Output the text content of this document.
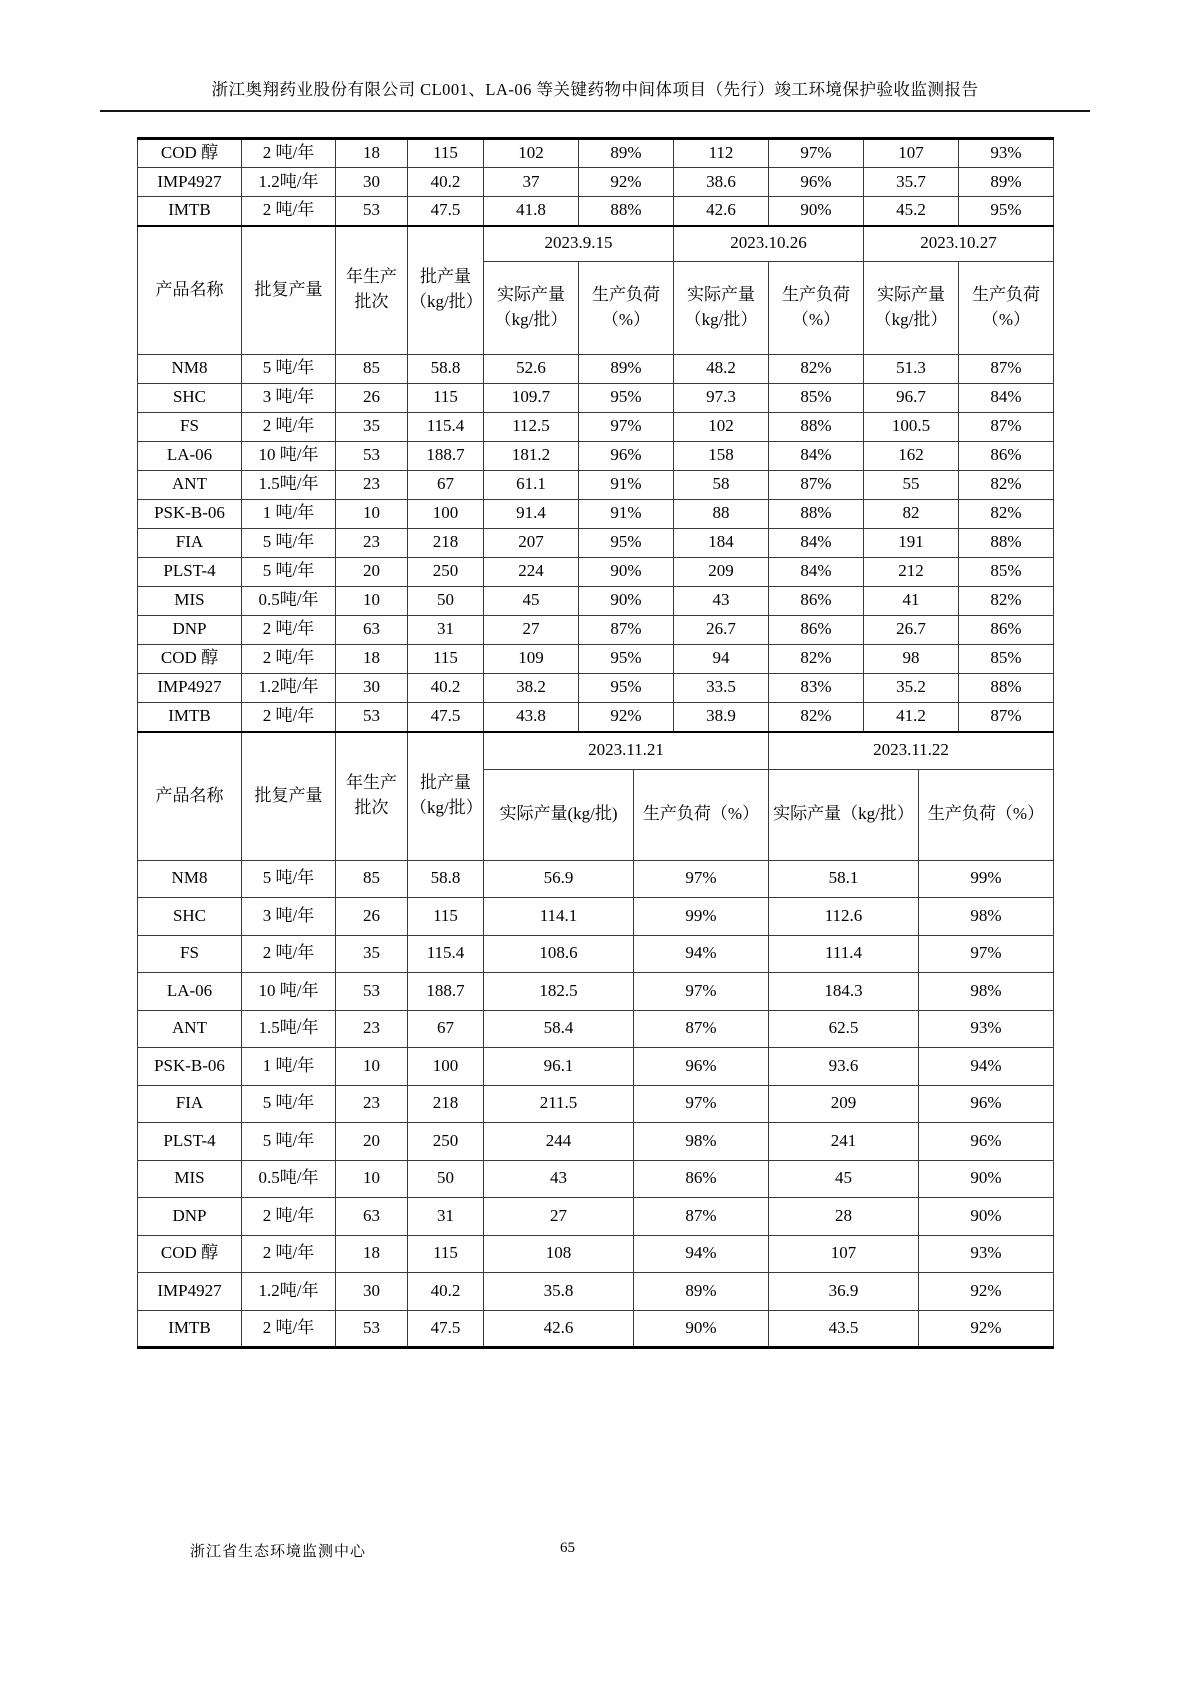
浙江奥翔药业股份有限公司 CL001、LA-06 等关键药物中间体项目（先行）竣工环境保护验收监测报告
COD 醇	2 吨/年	18	115	102	89%	112	97%	107	93%
IMP4927	1.2吨/年	30	40.2	37	92%	38.6	96%	35.7	89%
IMTB	2 吨/年	53	47.5	41.8	88%	42.6	90%	45.2	95%
产品名称	批复产量	年生产批次	批产量（kg/批）	2023.9.15		2023.10.26		2023.10.27	
				实际产量（kg/批）	生产负荷（%）	实际产量（kg/批）	生产负荷（%）	实际产量（kg/批）	生产负荷（%）
NM8	5 吨/年	85	58.8	52.6	89%	48.2	82%	51.3	87%
SHC	3 吨/年	26	115	109.7	95%	97.3	85%	96.7	84%
FS	2 吨/年	35	115.4	112.5	97%	102	88%	100.5	87%
LA-06	10 吨/年	53	188.7	181.2	96%	158	84%	162	86%
ANT	1.5吨/年	23	67	61.1	91%	58	87%	55	82%
PSK-B-06	1 吨/年	10	100	91.4	91%	88	88%	82	82%
FIA	5 吨/年	23	218	207	95%	184	84%	191	88%
PLST-4	5 吨/年	20	250	224	90%	209	84%	212	85%
MIS	0.5吨/年	10	50	45	90%	43	86%	41	82%
DNP	2 吨/年	63	31	27	87%	26.7	86%	26.7	86%
COD 醇	2 吨/年	18	115	109	95%	94	82%	98	85%
IMP4927	1.2吨/年	30	40.2	38.2	95%	33.5	83%	35.2	88%
IMTB	2 吨/年	53	47.5	43.8	92%	38.9	82%	41.2	87%
产品名称	批复产量	年生产批次	批产量（kg/批）	2023.11.21		2023.11.22	
				实际产量(kg/批)	生产负荷（%）	实际产量（kg/批）	生产负荷（%）
NM8	5 吨/年	85	58.8	56.9	97%	58.1	99%
SHC	3 吨/年	26	115	114.1	99%	112.6	98%
FS	2 吨/年	35	115.4	108.6	94%	111.4	97%
LA-06	10 吨/年	53	188.7	182.5	97%	184.3	98%
ANT	1.5吨/年	23	67	58.4	87%	62.5	93%
PSK-B-06	1 吨/年	10	100	96.1	96%	93.6	94%
FIA	5 吨/年	23	218	211.5	97%	209	96%
PLST-4	5 吨/年	20	250	244	98%	241	96%
MIS	0.5吨/年	10	50	43	86%	45	90%
DNP	2 吨/年	63	31	27	87%	28	90%
COD 醇	2 吨/年	18	115	108	94%	107	93%
IMP4927	1.2吨/年	30	40.2	35.8	89%	36.9	92%
IMTB	2 吨/年	53	47.5	42.6	90%	43.5	92%
浙江省生态环境监测中心	65
